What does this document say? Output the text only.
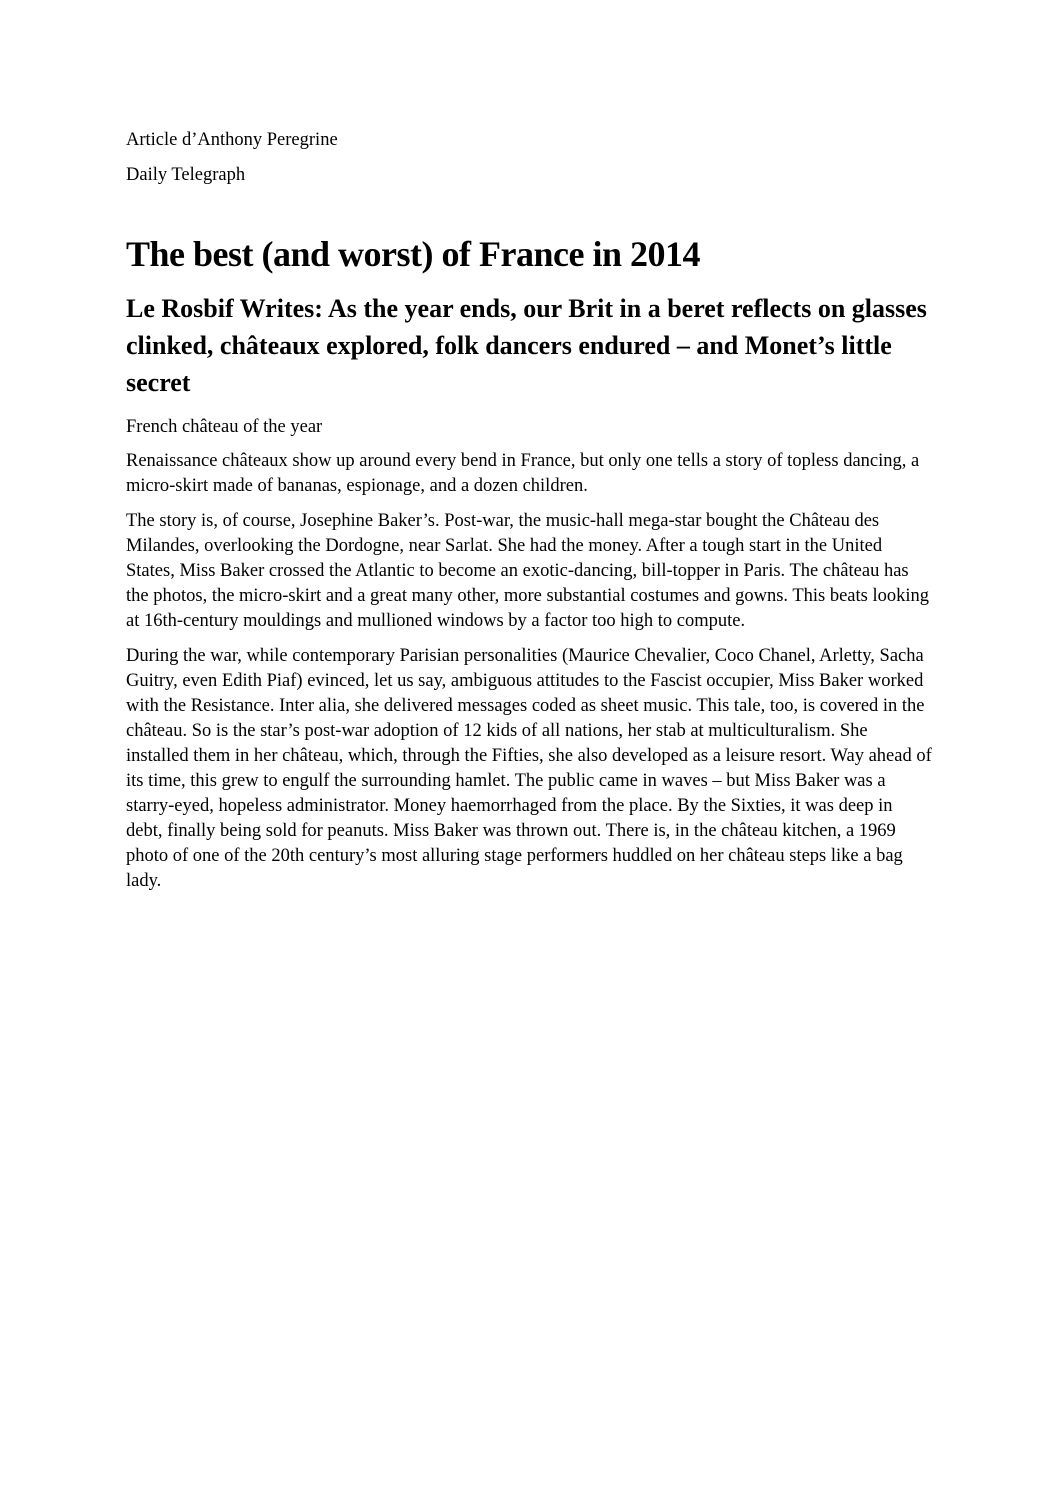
Article d’Anthony Peregrine

Daily Telegraph

The best (and worst) of France in 2014
Le Rosbif Writes: As the year ends, our Brit in a beret reflects on glasses clinked, châteaux explored, folk dancers endured – and Monet’s little secret

French château of the year

Renaissance châteaux show up around every bend in France, but only one tells a story of topless dancing, a micro-skirt made of bananas, espionage, and a dozen children.

The story is, of course, Josephine Baker’s. Post-war, the music-hall mega-star bought the Château des Milandes, overlooking the Dordogne, near Sarlat. She had the money. After a tough start in the United States, Miss Baker crossed the Atlantic to become an exotic-dancing, bill-topper in Paris. The château has the photos, the micro-skirt and a great many other, more substantial costumes and gowns. This beats looking at 16th-century mouldings and mullioned windows by a factor too high to compute.

During the war, while contemporary Parisian personalities (Maurice Chevalier, Coco Chanel, Arletty, Sacha Guitry, even Edith Piaf) evinced, let us say, ambiguous attitudes to the Fascist occupier, Miss Baker worked with the Resistance. Inter alia, she delivered messages coded as sheet music. This tale, too, is covered in the château. So is the star’s post-war adoption of 12 kids of all nations, her stab at multiculturalism. She installed them in her château, which, through the Fifties, she also developed as a leisure resort. Way ahead of its time, this grew to engulf the surrounding hamlet. The public came in waves – but Miss Baker was a starry-eyed, hopeless administrator. Money haemorrhaged from the place. By the Sixties, it was deep in debt, finally being sold for peanuts. Miss Baker was thrown out. There is, in the château kitchen, a 1969 photo of one of the 20th century’s most alluring stage performers huddled on her château steps like a bag lady.
